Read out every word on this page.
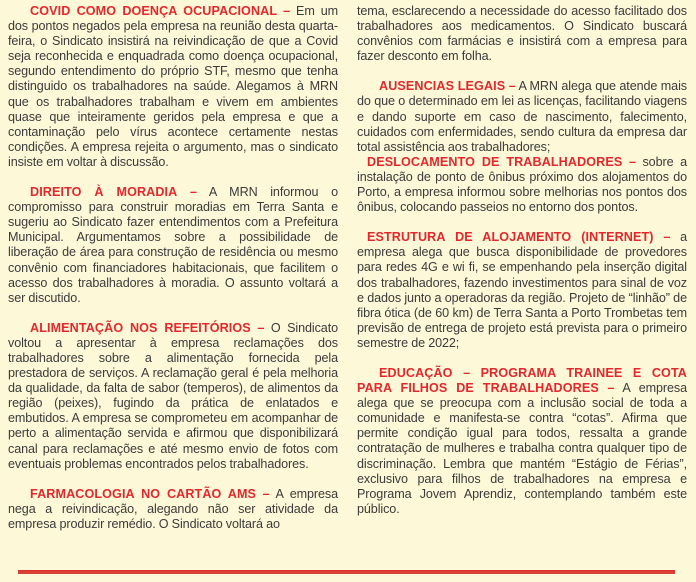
COVID COMO DOENÇA OCUPACIONAL – Em um dos pontos negados pela empresa na reunião desta quarta-feira, o Sindicato insistirá na reivindicação de que a Covid seja reconhecida e enquadrada como doença ocupacional, segundo entendimento do próprio STF, mesmo que tenha distinguido os trabalhadores na saúde. Alegamos à MRN que os trabalhadores trabalham e vivem em ambientes quase que inteiramente geridos pela empresa e que a contaminação pelo vírus acontece certamente nestas condições. A empresa rejeita o argumento, mas o sindicato insiste em voltar à discussão.

DIREITO À MORADIA – A MRN informou o compromisso para construir moradias em Terra Santa e sugeriu ao Sindicato fazer entendimentos com a Prefeitura Municipal. Argumentamos sobre a possibilidade de liberação de área para construção de residência ou mesmo convênio com financiadores habitacionais, que facilitem o acesso dos trabalhadores à moradia. O assunto voltará a ser discutido.

ALIMENTAÇÃO NOS REFEITÓRIOS – O Sindicato voltou a apresentar à empresa reclamações dos trabalhadores sobre a alimentação fornecida pela prestadora de serviços. A reclamação geral é pela melhoria da qualidade, da falta de sabor (temperos), de alimentos da região (peixes), fugindo da prática de enlatados e embutidos. A empresa se comprometeu em acompanhar de perto a alimentação servida e afirmou que disponibilizará canal para reclamações e até mesmo envio de fotos com eventuais problemas encontrados pelos trabalhadores.

FARMACOLOGIA NO CARTÃO AMS – A empresa nega a reivindicação, alegando não ser atividade da empresa produzir remédio. O Sindicato voltará ao

tema, esclarecendo a necessidade do acesso facilitado dos trabalhadores aos medicamentos. O Sindicato buscará convênios com farmácias e insistirá com a empresa para fazer desconto em folha.

AUSENCIAS LEGAIS – A MRN alega que atende mais do que o determinado em lei as licenças, facilitando viagens e dando suporte em caso de nascimento, falecimento, cuidados com enfermidades, sendo cultura da empresa dar total assistência aos trabalhadores;

DESLOCAMENTO DE TRABALHADORES – sobre a instalação de ponto de ônibus próximo dos alojamentos do Porto, a empresa informou sobre melhorias nos pontos dos ônibus, colocando passeios no entorno dos pontos.

ESTRUTURA DE ALOJAMENTO (INTERNET) – a empresa alega que busca disponibilidade de provedores para redes 4G e wi fi, se empenhando pela inserção digital dos trabalhadores, fazendo investimentos para sinal de voz e dados junto a operadoras da região. Projeto de “linhão” de fibra ótica (de 60 km) de Terra Santa a Porto Trombetas tem previsão de entrega de projeto está prevista para o primeiro semestre de 2022;

EDUCAÇÃO – PROGRAMA TRAINEE E COTA PARA FILHOS DE TRABALHADORES – A empresa alega que se preocupa com a inclusão social de toda a comunidade e manifesta-se contra “cotas”. Afirma que permite condição igual para todos, ressalta a grande contratação de mulheres e trabalha contra qualquer tipo de discriminação. Lembra que mantém “Estágio de Férias”, exclusivo para filhos de trabalhadores na empresa e Programa Jovem Aprendiz, contemplando também este público.
